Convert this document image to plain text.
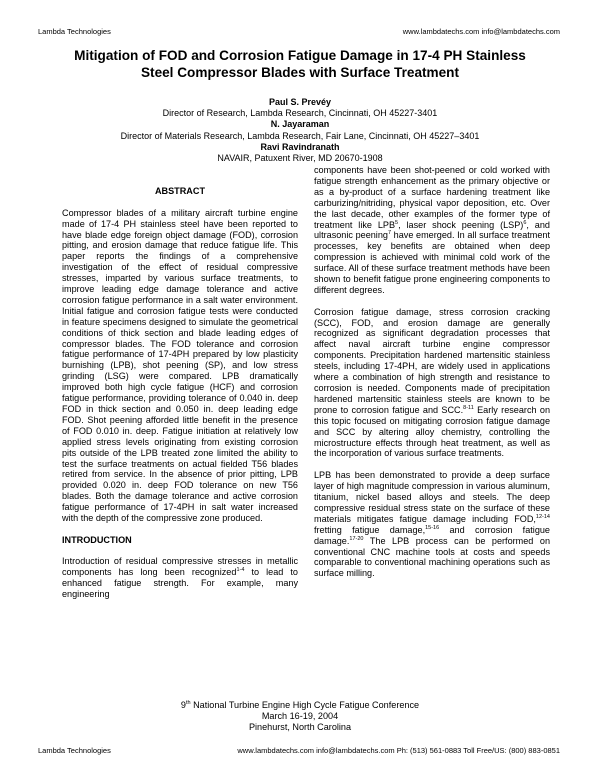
Lambda Technologies	www.lambdatechs.com info@lambdatechs.com
Mitigation of FOD and Corrosion Fatigue Damage in 17-4 PH Stainless
Steel Compressor Blades with Surface Treatment
Paul S. Prevéy
Director of Research, Lambda Research, Cincinnati, OH 45227-3401
N. Jayaraman
Director of Materials Research, Lambda Research, Fair Lane, Cincinnati, OH 45227–3401
Ravi Ravindranath
NAVAIR, Patuxent River, MD 20670-1908
ABSTRACT

Compressor blades of a military aircraft turbine engine made of 17-4 PH stainless steel have been reported to have blade edge foreign object damage (FOD), corrosion pitting, and erosion damage that reduce fatigue life. This paper reports the findings of a comprehensive investigation of the effect of residual compressive stresses, imparted by various surface treatments, to improve leading edge damage tolerance and active corrosion fatigue performance in a salt water environment. Initial fatigue and corrosion fatigue tests were conducted in feature specimens designed to simulate the geometrical conditions of thick section and blade leading edges of compressor blades. The FOD tolerance and corrosion fatigue performance of 17-4PH prepared by low plasticity burnishing (LPB), shot peening (SP), and low stress grinding (LSG) were compared. LPB dramatically improved both high cycle fatigue (HCF) and corrosion fatigue performance, providing tolerance of 0.040 in. deep FOD in thick section and 0.050 in. deep leading edge FOD. Shot peening afforded little benefit in the presence of FOD 0.010 in. deep. Fatigue initiation at relatively low applied stress levels originating from existing corrosion pits outside of the LPB treated zone limited the ability to test the surface treatments on actual fielded T56 blades retired from service. In the absence of prior pitting, LPB provided 0.020 in. deep FOD tolerance on new T56 blades. Both the damage tolerance and active corrosion fatigue performance of 17-4PH in salt water increased with the depth of the compressive zone produced.

INTRODUCTION

Introduction of residual compressive stresses in metallic components has long been recognized$^{1-4}$ to lead to enhanced fatigue strength. For example, many engineering

components have been shot-peened or cold worked with fatigue strength enhancement as the primary objective or as a by-product of a surface hardening treatment like carburizing/nitriding, physical vapor deposition, etc. Over the last decade, other examples of the former type of treatment like LPB$^5$, laser shock peening (LSP)$^6$, and ultrasonic peening$^7$ have emerged. In all surface treatment processes, key benefits are obtained when deep compression is achieved with minimal cold work of the surface. All of these surface treatment methods have been shown to benefit fatigue prone engineering components to different degrees.

Corrosion fatigue damage, stress corrosion cracking (SCC), FOD, and erosion damage are generally recognized as significant degradation processes that affect naval aircraft turbine engine compressor components. Precipitation hardened martensitic stainless steels, including 17-4PH, are widely used in applications where a combination of high strength and resistance to corrosion is needed. Components made of precipitation hardened martensitic stainless steels are known to be prone to corrosion fatigue and SCC.$^{8-11}$ Early research on this topic focused on mitigating corrosion fatigue damage and SCC by altering alloy chemistry, controlling the microstructure effects through heat treatment, as well as the incorporation of various surface treatments.

LPB has been demonstrated to provide a deep surface layer of high magnitude compression in various aluminum, titanium, nickel based alloys and steels. The deep compressive residual stress state on the surface of these materials mitigates fatigue damage including FOD,$^{12-14}$ fretting fatigue damage,$^{15-16}$ and corrosion fatigue damage.$^{17-20}$ The LPB process can be performed on conventional CNC machine tools at costs and speeds comparable to conventional machining operations such as surface milling.

9th National Turbine Engine High Cycle Fatigue Conference
March 16-19, 2004
Pinehurst, North Carolina
Lambda Technologies	www.lambdatechs.com info@lambdatechs.com Ph: (513) 561-0883 Toll Free/US: (800) 883-0851
